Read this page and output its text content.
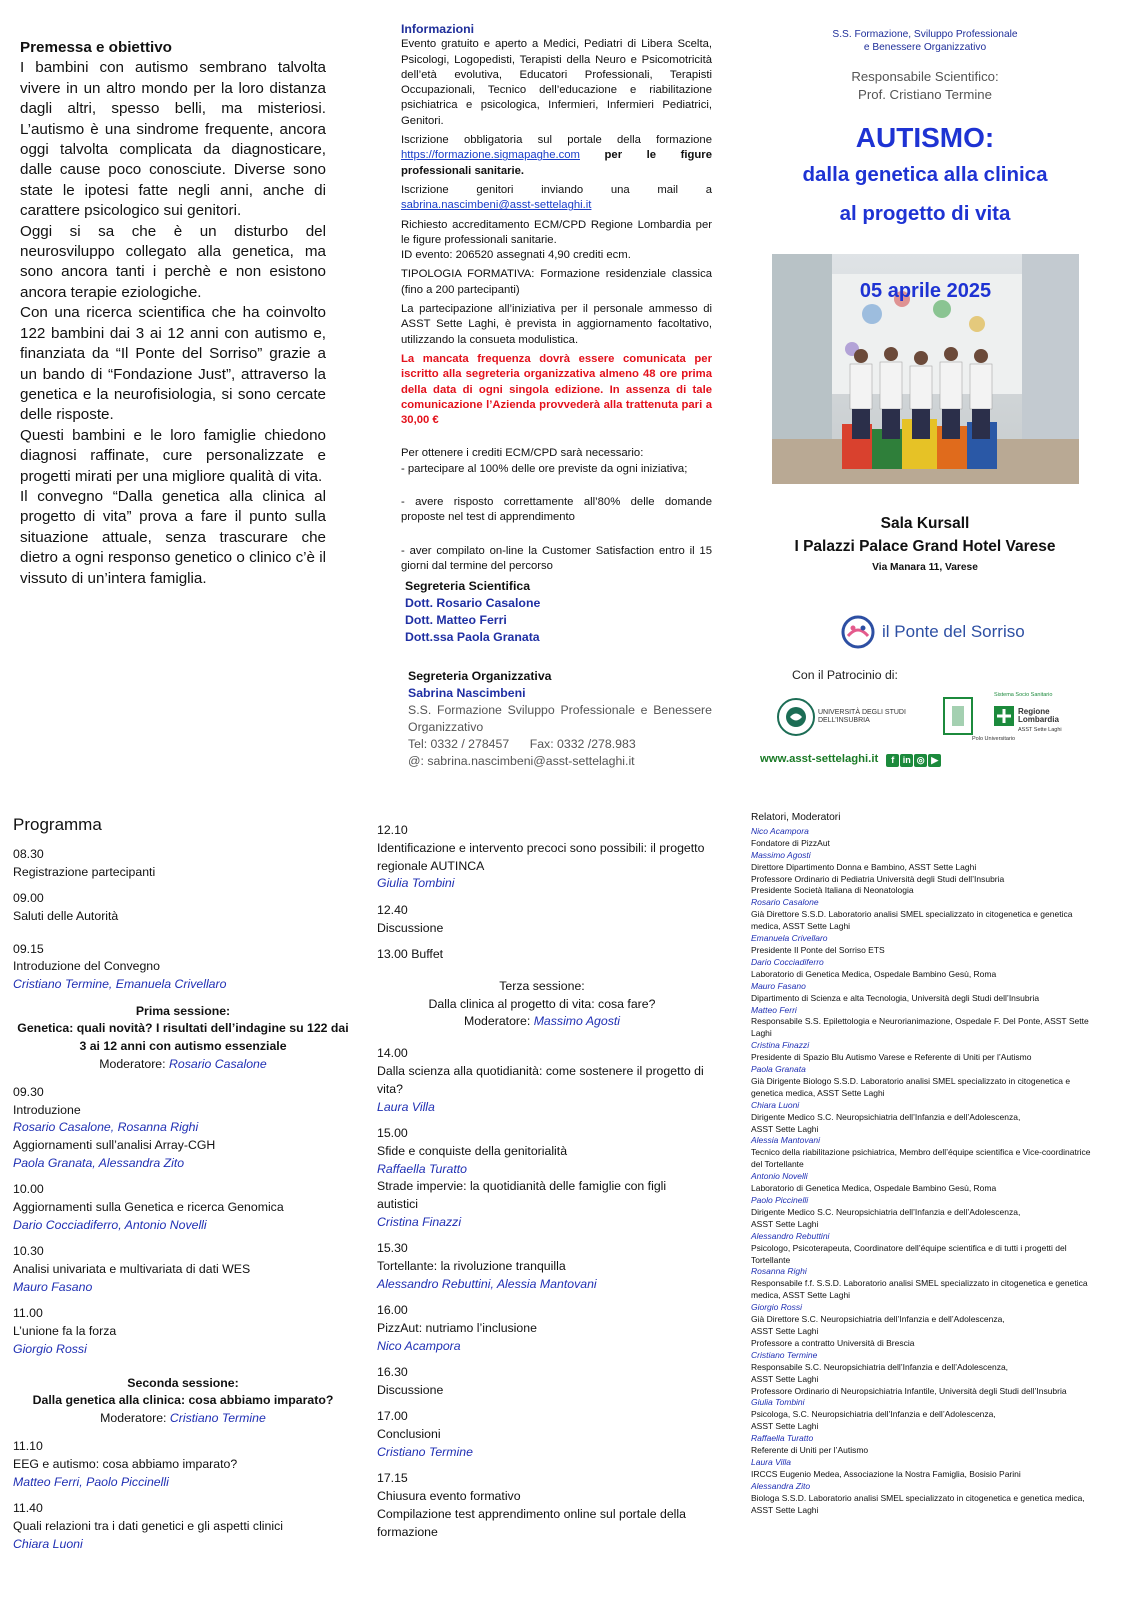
Premessa e obiettivo

I bambini con autismo sembrano talvolta vivere in un altro mondo per la loro distanza dagli altri, spesso belli, ma misteriosi. L’autismo è una sindrome frequente, ancora oggi talvolta complicata da diagnosticare, dalle cause poco conosciute. Diverse sono state le ipotesi fatte negli anni, anche di carattere psicologico sui genitori.

Oggi si sa che è un disturbo del neurosviluppo collegato alla genetica, ma sono ancora tanti i perchè e non esistono ancora terapie eziologiche.

Con una ricerca scientifica che ha coinvolto 122 bambini dai 3 ai 12 anni con autismo e, finanziata da “Il Ponte del Sorriso” grazie a un bando di “Fondazione Just”, attraverso la genetica e la neurofisiologia, si sono cercate delle risposte.

Questi bambini e le loro famiglie chiedono diagnosi raffinate, cure personalizzate e progetti mirati per una migliore qualità di vita.

Il convegno “Dalla genetica alla clinica al progetto di vita” prova a fare il punto sulla situazione attuale, senza trascurare che dietro a ogni responso genetico o clinico c’è il vissuto di un’intera famiglia.

Informazioni

Evento gratuito e aperto a Medici, Pediatri di Libera Scelta, Psicologi, Logopedisti, Terapisti della Neuro e Psicomotricità dell’età evolutiva, Educatori Professionali, Terapisti Occupazionali, Tecnico dell’educazione e riabilitazione psichiatrica e psicologica, Infermieri, Infermieri Pediatrici, Genitori.

Iscrizione obbligatoria sul portale della formazione https://formazione.sigmapaghe.com per le figure professionali sanitarie.

Iscrizione genitori inviando una mail a sabrina.nascimbeni@asst-settelaghi.it

Richiesto accreditamento ECM/CPD Regione Lombardia per le figure professionali sanitarie.
ID evento: 206520 assegnati 4,90 crediti ecm.

TIPOLOGIA FORMATIVA: Formazione residenziale classica (fino a 200 partecipanti)

La partecipazione all’iniziativa per il personale ammesso di ASST Sette Laghi, è prevista in aggiornamento facoltativo, utilizzando la consueta modulistica.

La mancata frequenza dovrà essere comunicata per iscritto alla segreteria organizzativa almeno 48 ore prima della data di ogni singola edizione. In assenza di tale comunicazione l’Azienda provvederà alla trattenuta pari a 30,00 €

Per ottenere i crediti ECM/CPD sarà necessario:

- partecipare al 100% delle ore previste da ogni iniziativa;

- avere risposto correttamente all’80% delle domande proposte nel test di apprendimento

- aver compilato on-line la Customer Satisfaction entro il 15 giorni dal termine del percorso

Segreteria Scientifica
Dott. Rosario Casalone
Dott. Matteo Ferri
Dott.ssa Paola Granata
Segreteria Organizzativa
Sabrina Nascimbeni
S.S. Formazione Sviluppo Professionale e Benessere Organizzativo
Tel: 0332 / 278457      Fax: 0332 /278.983
@: sabrina.nascimbeni@asst-settelaghi.it
S.S. Formazione, Sviluppo Professionale
e Benessere Organizzativo
Responsabile Scientifico:
Prof. Cristiano Termine
AUTISMO:
dalla genetica alla clinica
al progetto di vita
05 aprile 2025
Sala Kursall
I Palazzi Palace Grand Hotel Varese
Via Manara 11, Varese
il Ponte del Sorriso
Con il Patrocinio di:
UNIVERSITÀ DEGLI STUDI
DELL’INSUBRIA
Sistema Socio Sanitario
Regione
Lombardia
ASST Sette Laghi
Polo Universitario
www.asst-settelaghi.it	f in ◎ ▶
Programma
08.30
Registrazione partecipanti
09.00
Saluti delle Autorità
09.15
Introduzione del Convegno
Cristiano Termine, Emanuela Crivellaro
Prima sessione:
Genetica: quali novità? I risultati dell’indagine su 122 dai 3 ai 12 anni con autismo essenziale
Moderatore: Rosario Casalone
09.30
Introduzione
Rosario Casalone, Rosanna Righi
Aggiornamenti sull’analisi Array-CGH
Paola Granata, Alessandra Zito
10.00
Aggiornamenti sulla Genetica e ricerca Genomica
Dario Cocciadiferro, Antonio Novelli
10.30
Analisi univariata e multivariata di dati WES
Mauro Fasano
11.00
L’unione fa la forza
Giorgio Rossi
Seconda sessione:
Dalla genetica alla clinica: cosa abbiamo imparato?
Moderatore: Cristiano Termine
11.10
EEG e autismo: cosa abbiamo imparato?
Matteo Ferri, Paolo Piccinelli
11.40
Quali relazioni tra i dati genetici e gli aspetti clinici
Chiara Luoni
12.10
Identificazione e intervento precoci sono possibili: il progetto regionale AUTINCA
Giulia Tombini
12.40
Discussione
13.00 Buffet
Terza sessione:
Dalla clinica al progetto di vita: cosa fare?
Moderatore: Massimo Agosti
14.00
Dalla scienza alla quotidianità: come sostenere il progetto di vita?
Laura Villa
15.00
Sfide e conquiste della genitorialità
Raffaella Turatto
Strade impervie: la quotidianità delle famiglie con figli autistici
Cristina Finazzi
15.30
Tortellante: la rivoluzione tranquilla
Alessandro Rebuttini, Alessia Mantovani
16.00
PizzAut: nutriamo l’inclusione
Nico Acampora
16.30
Discussione
17.00
Conclusioni
Cristiano Termine
17.15
Chiusura evento formativo
Compilazione test apprendimento online sul portale della formazione
Relatori, Moderatori
Nico Acampora
Fondatore di PizzAut
Massimo Agosti
Direttore Dipartimento Donna e Bambino, ASST Sette Laghi
Professore Ordinario di Pediatria Università degli Studi dell’Insubria
Presidente Società Italiana di Neonatologia
Rosario Casalone
Già Direttore S.S.D. Laboratorio analisi SMEL specializzato in citogenetica e genetica medica, ASST Sette Laghi
Emanuela Crivellaro
Presidente Il Ponte del Sorriso ETS
Dario Cocciadiferro
Laboratorio di Genetica Medica, Ospedale Bambino Gesù, Roma
Mauro Fasano
Dipartimento di Scienza e alta Tecnologia, Università degli Studi dell’Insubria
Matteo Ferri
Responsabile S.S. Epilettologia e Neurorianimazione, Ospedale F. Del Ponte, ASST Sette Laghi
Cristina Finazzi
Presidente di Spazio Blu Autismo Varese e Referente di Uniti per l’Autismo
Paola Granata
Già Dirigente Biologo S.S.D. Laboratorio analisi SMEL specializzato in citogenetica e genetica medica, ASST Sette Laghi
Chiara Luoni
Dirigente Medico S.C. Neuropsichiatria dell’Infanzia e dell’Adolescenza,
ASST Sette Laghi
Alessia Mantovani
Tecnico della riabilitazione psichiatrica, Membro dell’équipe scientifica e Vice-coordinatrice del Tortellante
Antonio Novelli
Laboratorio di Genetica Medica, Ospedale Bambino Gesù, Roma
Paolo Piccinelli
Dirigente Medico S.C. Neuropsichiatria dell’Infanzia e dell’Adolescenza,
ASST Sette Laghi
Alessandro Rebuttini
Psicologo, Psicoterapeuta, Coordinatore dell’équipe scientifica e di tutti i progetti del Tortellante
Rosanna Righi
Responsabile f.f. S.S.D. Laboratorio analisi SMEL specializzato in citogenetica e genetica medica, ASST Sette Laghi
Giorgio Rossi
Già Direttore S.C. Neuropsichiatria dell’Infanzia e dell’Adolescenza,
ASST Sette Laghi
Professore a contratto Università di Brescia
Cristiano Termine
Responsabile S.C. Neuropsichiatria dell’Infanzia e dell’Adolescenza,
ASST Sette Laghi
Professore Ordinario di Neuropsichiatria Infantile, Università degli Studi dell’Insubria
Giulia Tombini
Psicologa, S.C. Neuropsichiatria dell’Infanzia e dell’Adolescenza,
ASST Sette Laghi
Raffaella Turatto
Referente di Uniti per l’Autismo
Laura Villa
IRCCS Eugenio Medea, Associazione la Nostra Famiglia, Bosisio Parini
Alessandra Zito
Biologa S.S.D. Laboratorio analisi SMEL specializzato in citogenetica e genetica medica, ASST Sette Laghi
